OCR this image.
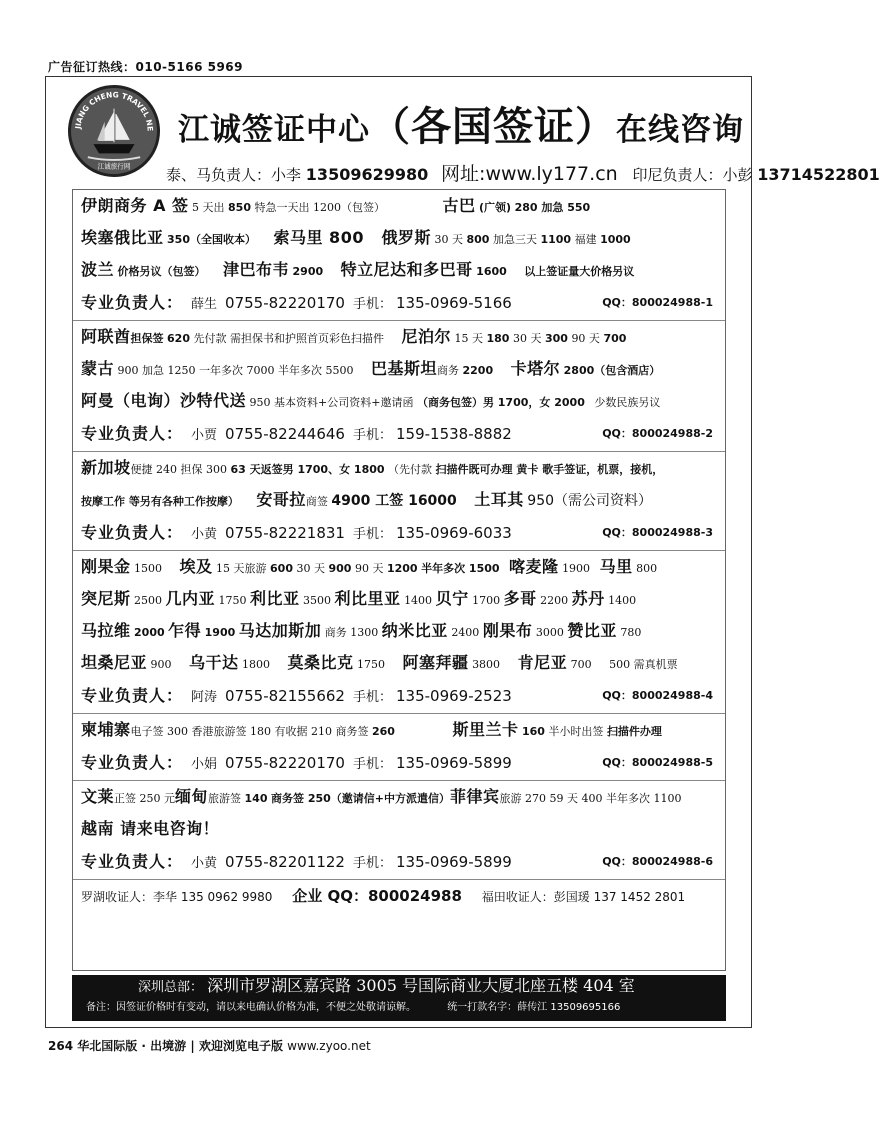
广告征订热线：010-5166 5969
JIANG CHENG TRAVEL NE
江诚旅行网
江诚签证中心（各国签证）在线咨询
泰、马负责人：小李 13509629980 网址:www.ly177.cn 印尼负责人：小彭 13714522801
伊朗商务 A 签 5 天出 850 特急一天出 1200（包签）	古巴 (广领) 280 加急 550
埃塞俄比亚 350（全国收本） 索马里 800 俄罗斯 30 天 800 加急三天 1100 福建 1000
波兰 价格另议（包签） 津巴布韦 2900 特立尼达和多巴哥 1600 以上签证量大价格另议
专业负责人： 薛生 0755-82220170 手机： 135-0969-5166	QQ：800024988-1
阿联酋担保签 620 先付款 需担保书和护照首页彩色扫描件 尼泊尔 15 天 180 30 天 300 90 天 700
蒙古 900 加急 1250 一年多次 7000 半年多次 5500 巴基斯坦商务 2200 卡塔尔 2800（包含酒店）
阿曼（电询）沙特代送 950 基本资料+公司资料+邀请函 （商务包签）男 1700，女 2000 少数民族另议
专业负责人： 小贾 0755-82244646 手机： 159-1538-8882	QQ：800024988-2
新加坡便捷 240 担保 300 63 天返签男 1700、女 1800 （先付款 扫描件既可办理 黄卡 歌手签证，机票，接机，
按摩工作 等另有各种工作按摩） 安哥拉商签 4900 工签 16000 土耳其 950（需公司资料）
专业负责人： 小黄 0755-82221831 手机： 135-0969-6033	QQ：800024988-3
刚果金 1500 埃及 15 天旅游 600 30 天 900 90 天 1200 半年多次 1500 喀麦隆 1900 马里 800
突尼斯 2500 几内亚 1750 利比亚 3500 利比里亚 1400 贝宁 1700 多哥 2200 苏丹 1400
马拉维 2000 乍得 1900 马达加斯加 商务 1300 纳米比亚 2400 刚果布 3000 赞比亚 780
坦桑尼亚 900 乌干达 1800 莫桑比克 1750 阿塞拜疆 3800 肯尼亚 700 500 需真机票
专业负责人： 阿涛 0755-82155662 手机： 135-0969-2523	QQ：800024988-4
柬埔寨电子签 300 香港旅游签 180 有收据 210 商务签 260	斯里兰卡 160 半小时出签 扫描件办理
专业负责人： 小娟 0755-82220170 手机： 135-0969-5899	QQ：800024988-5
文莱正签 250 元缅甸旅游签 140 商务签 250（邀请信+中方派遣信）菲律宾旅游 270 59 天 400 半年多次 1100
越南 请来电咨询！
专业负责人： 小黄 0755-82201122 手机： 135-0969-5899	QQ：800024988-6
罗湖收证人：李华 135 0962 9980 企业 QQ：800024988 福田收证人：彭国瑗 137 1452 2801
深圳总部： 深圳市罗湖区嘉宾路 3005 号国际商业大厦北座五楼 404 室
备注：因签证价格时有变动，请以来电确认价格为准，不便之处敬请谅解。	统一打款名字：薛传江 13509695166
264 华北国际版 · 出境游 | 欢迎浏览电子版 www.zyoo.net
